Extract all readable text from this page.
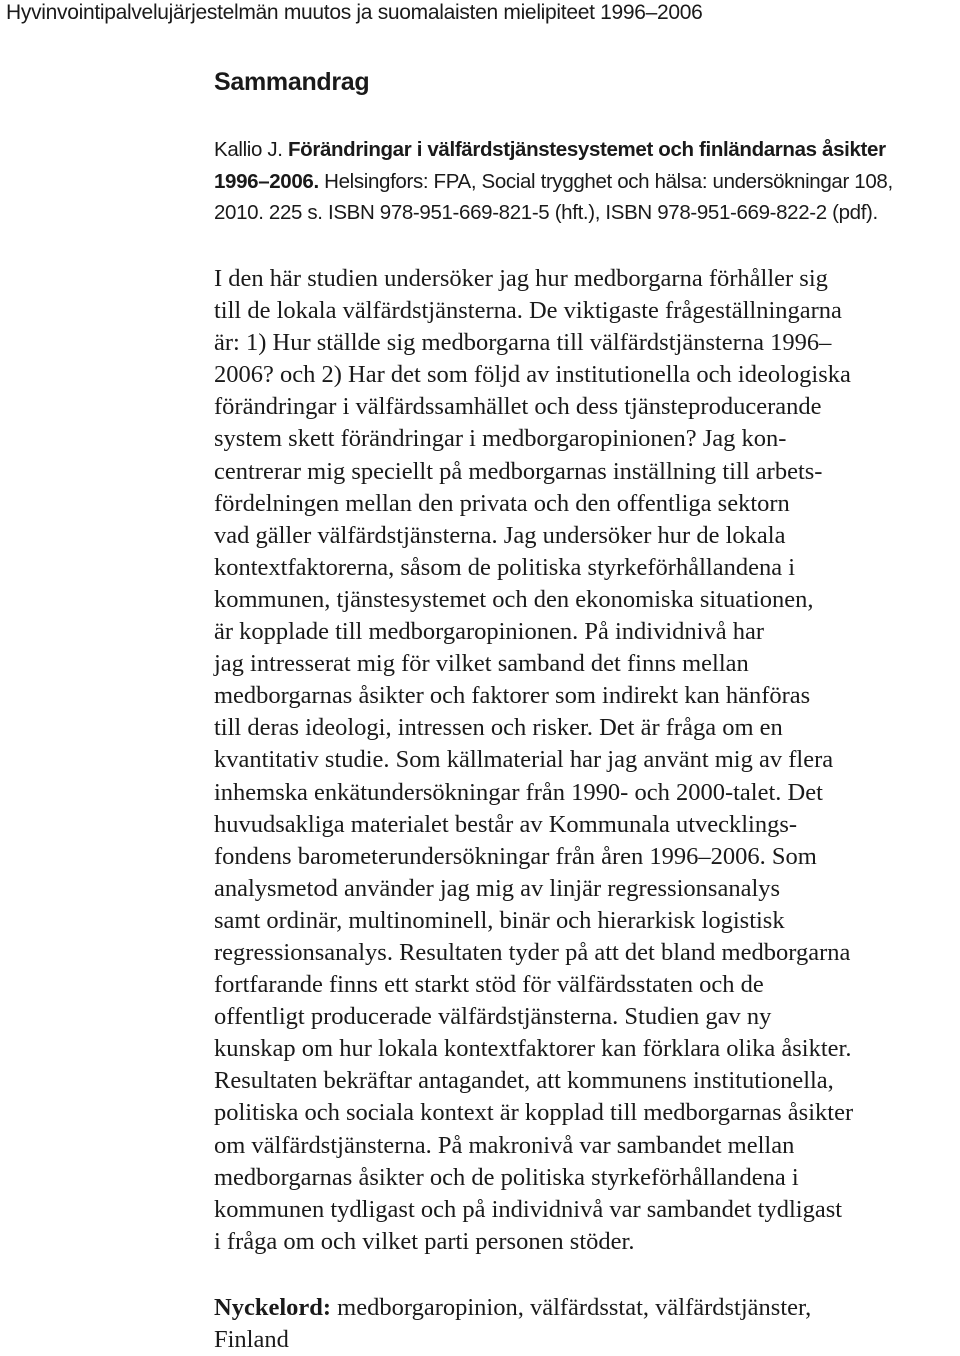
Hyvinvointipalvelujärjestelmän muutos ja suomalaisten mielipiteet 1996–2006
Sammandrag

Kallio J. Förändringar i välfärdstjänstesystemet och finländarnas åsikter
1996–2006. Helsingfors: FPA, Social trygghet och hälsa: undersökningar 108,
2010. 225 s. ISBN 978-951-669-821-5 (hft.), ISBN 978-951-669-822-2 (pdf).

I den här studien undersöker jag hur medborgarna förhåller sig
till de lokala välfärdstjänsterna. De viktigaste frågeställningarna
är: 1) Hur ställde sig medborgarna till välfärdstjänsterna 1996–
2006? och 2) Har det som följd av institutionella och ideologiska
förändringar i välfärdssamhället och dess tjänsteproducerande
system skett förändringar i medborgaropinionen? Jag kon-
centrerar mig speciellt på medborgarnas inställning till arbets-
fördelningen mellan den privata och den offentliga sektorn
vad gäller välfärdstjänsterna. Jag undersöker hur de lokala
kontextfaktorerna, såsom de politiska styrkeförhållandena i
kommunen, tjänstesystemet och den ekonomiska situationen,
är kopplade till medborgaropinionen. På individnivå har
jag intresserat mig för vilket samband det finns mellan
medborgarnas åsikter och faktorer som indirekt kan hänföras
till deras ideologi, intressen och risker. Det är fråga om en
kvantitativ studie. Som källmaterial har jag använt mig av flera
inhemska enkätundersökningar från 1990- och 2000-talet. Det
huvudsakliga materialet består av Kommunala utvecklings-
fondens barometerundersökningar från åren 1996–2006. Som
analysmetod använder jag mig av linjär regressionsanalys
samt ordinär, multinominell, binär och hierarkisk logistisk
regressionsanalys. Resultaten tyder på att det bland medborgarna
fortfarande finns ett starkt stöd för välfärdsstaten och de
offentligt producerade välfärdstjänsterna. Studien gav ny
kunskap om hur lokala kontextfaktorer kan förklara olika åsikter.
Resultaten bekräftar antagandet, att kommunens institutionella,
politiska och sociala kontext är kopplad till medborgarnas åsikter
om välfärdstjänsterna. På makronivå var sambandet mellan
medborgarnas åsikter och de politiska styrkeförhållandena i
kommunen tydligast och på individnivå var sambandet tydligast
i fråga om och vilket parti personen stöder.

Nyckelord: medborgaropinion, välfärdsstat, välfärdstjänster,
Finland
